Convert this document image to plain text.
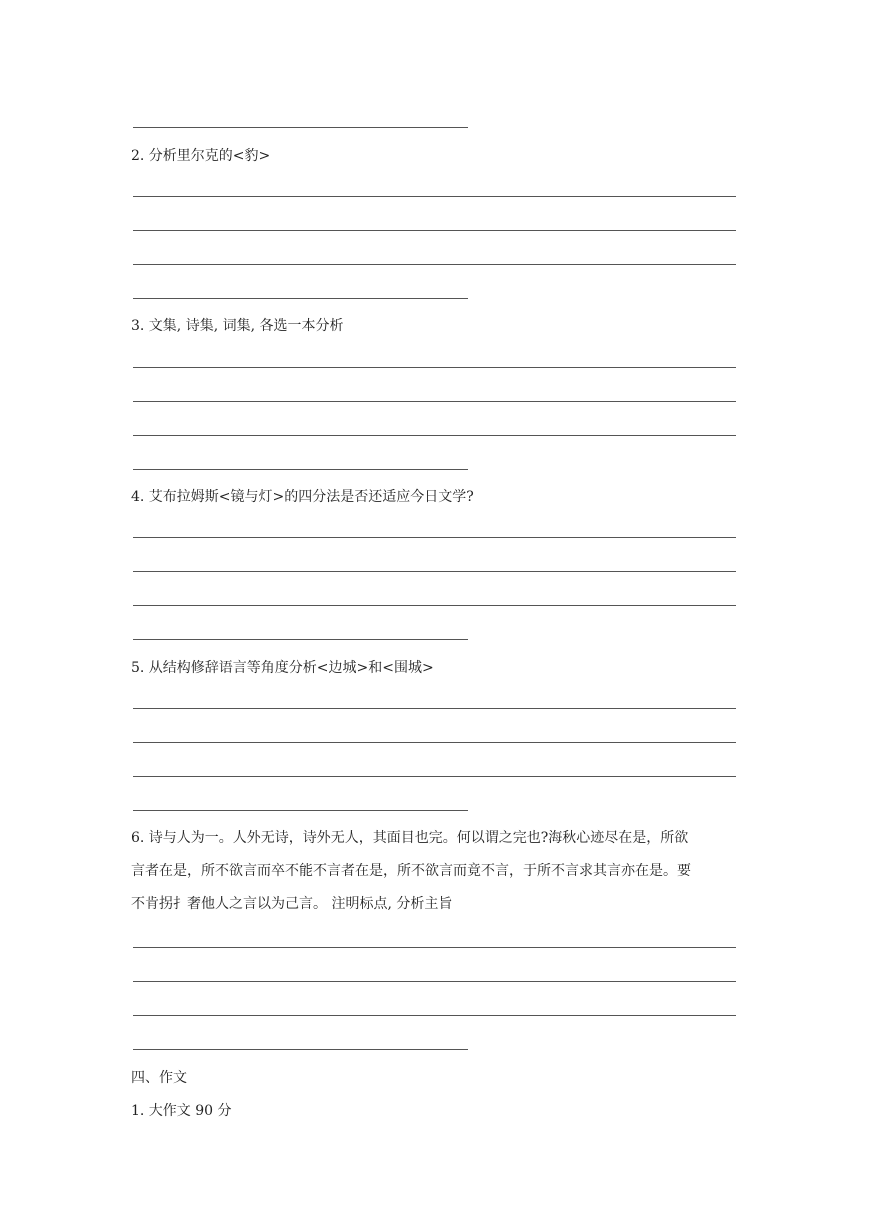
2. 分析里尔克的<豹>
3. 文集, 诗集, 词集, 各选一本分析
4. 艾布拉姆斯<镜与灯>的四分法是否还适应今日文学?
5. 从结构修辞语言等角度分析<边城>和<围城>
6. 诗与人为一。人外无诗，诗外无人，其面目也完。何以谓之完也?海秋心迹尽在是，所欲
言者在是，所不欲言而卒不能不言者在是，所不欲言而竟不言，于所不言求其言亦在是。要
不肯拐扌奢他人之言以为己言。 注明标点, 分析主旨
四、作文
1. 大作文 90 分
